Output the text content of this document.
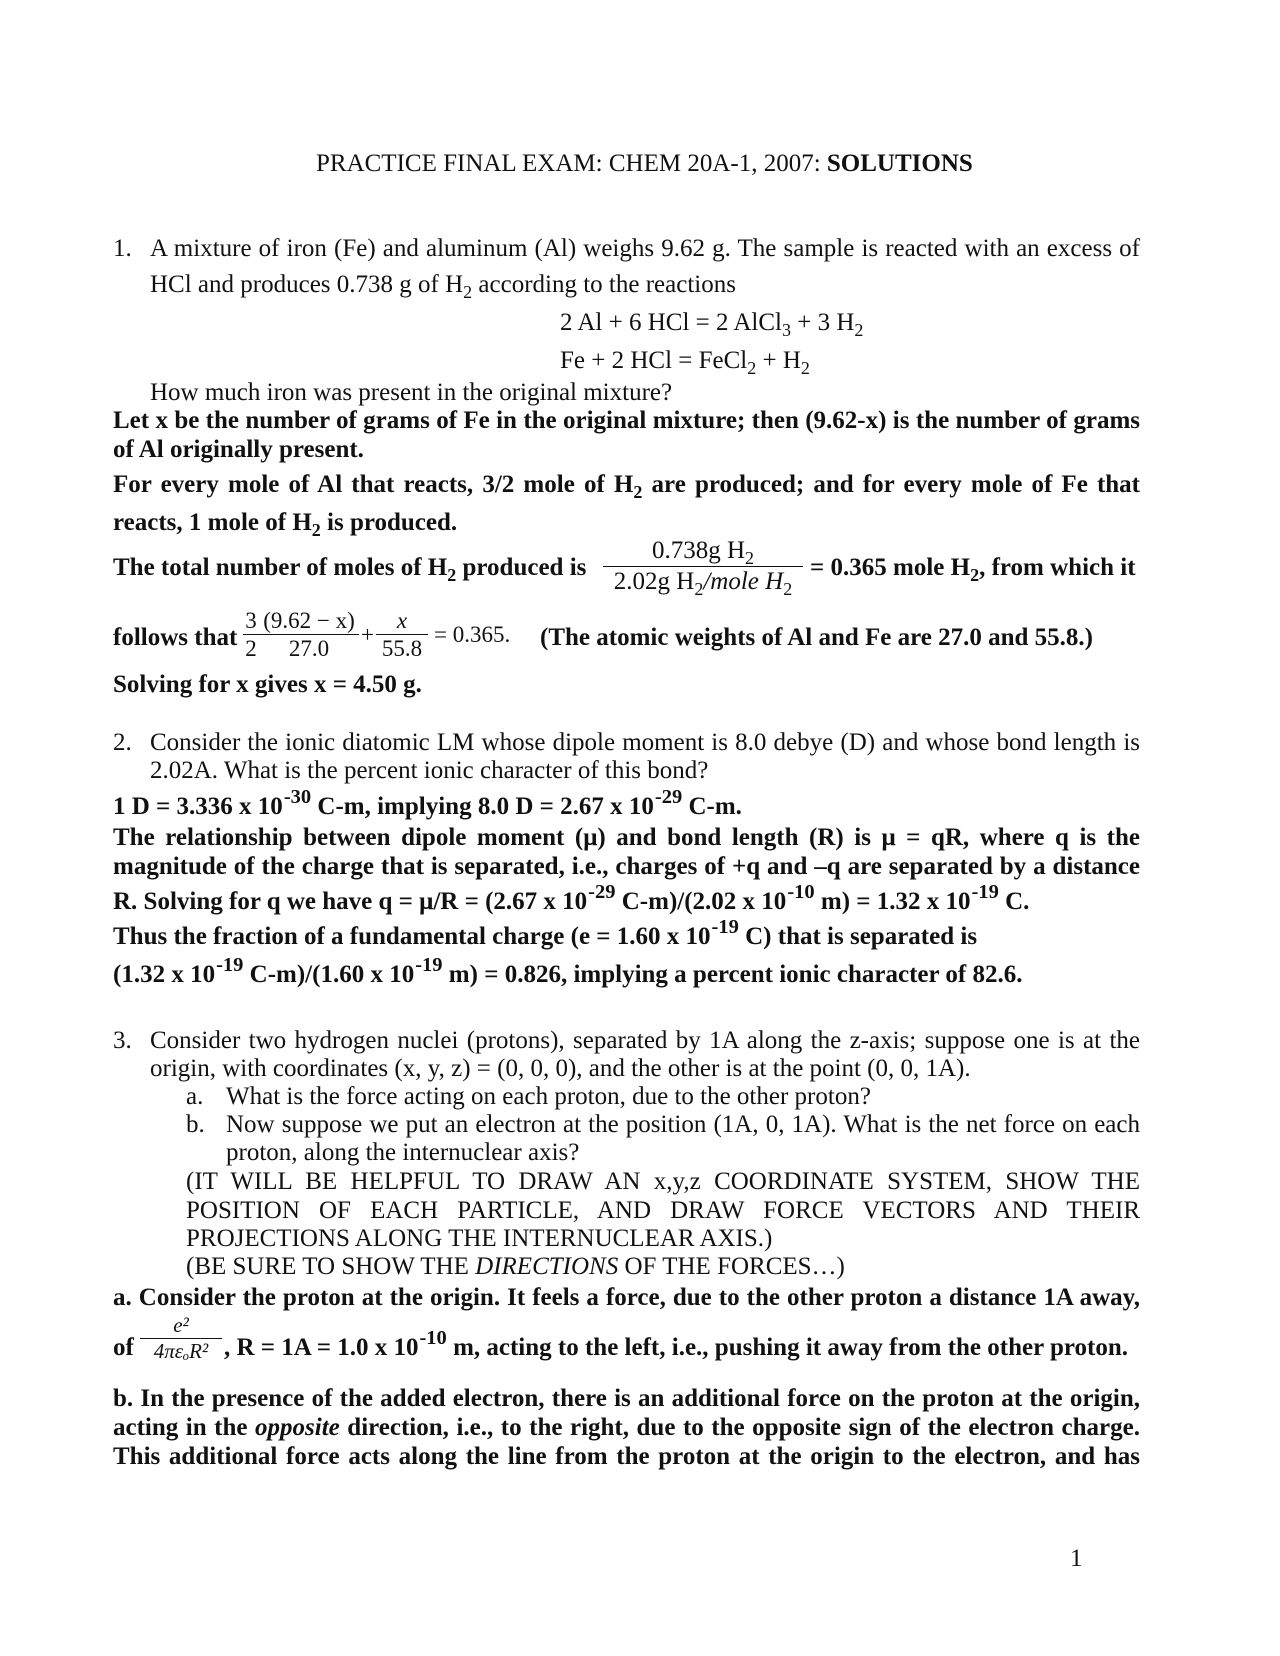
PRACTICE FINAL EXAM: CHEM 20A-1, 2007: SOLUTIONS
1. A mixture of iron (Fe) and aluminum (Al) weighs 9.62 g. The sample is reacted with an excess of
HCl and produces 0.738 g of $H_2$ according to the reactions
2 Al + 6 HCl = 2 AlCl$_3$ + 3 $H_2$
Fe + 2 HCl = FeCl$_2$ + $H_2$
How much iron was present in the original mixture?
Let x be the number of grams of Fe in the original mixture; then (9.62-x) is the number of grams
of Al originally present.
For every mole of Al that reacts, 3/2 mole of $H_2$ are produced; and for every mole of Fe that
reacts, 1 mole of $H_2$ is produced.
The total number of moles of $H_2$ produced is
0.738g $H_2$
2.02g $H_2$/mole $H_2$
= 0.365 mole $H_2$, from which it
follows that $\frac{3}{2} \frac{(9.62 - x)}{27.0} + \frac{x}{55.8} = 0.365$. (The atomic weights of Al and Fe are 27.0 and 55.8.)
Solving for x gives x = 4.50 g.
2. Consider the ionic diatomic LM whose dipole moment is 8.0 debye (D) and whose bond length is
2.02A. What is the percent ionic character of this bond?
1 D = 3.336 x $10^{-30}$ C-m, implying 8.0 D = 2.67 x $10^{-29}$ C-m.
The relationship between dipole moment (μ) and bond length (R) is μ = qR, where q is the
magnitude of the charge that is separated, i.e., charges of +q and –q are separated by a distance
R. Solving for q we have q = μ/R = (2.67 x $10^{-29}$ C-m)/(2.02 x $10^{-10}$ m) = 1.32 x $10^{-19}$ C.
Thus the fraction of a fundamental charge (e = 1.60 x $10^{-19}$ C) that is separated is
(1.32 x $10^{-19}$ C-m)/(1.60 x $10^{-19}$ m) = 0.826, implying a percent ionic character of 82.6.
3. Consider two hydrogen nuclei (protons), separated by 1A along the z-axis; suppose one is at the
origin, with coordinates (x, y, z) = (0, 0, 0), and the other is at the point (0, 0, 1A).
a. What is the force acting on each proton, due to the other proton?
b. Now suppose we put an electron at the position (1A, 0, 1A). What is the net force on each
proton, along the internuclear axis?
(IT WILL BE HELPFUL TO DRAW AN x,y,z COORDINATE SYSTEM, SHOW THE
POSITION OF EACH PARTICLE, AND DRAW FORCE VECTORS AND THEIR
PROJECTIONS ALONG THE INTERNUCLEAR AXIS.)
(BE SURE TO SHOW THE DIRECTIONS OF THE FORCES…)
a. Consider the proton at the origin. It feels a force, due to the other proton a distance 1A away,
of
e²
4πεₒR² , R = 1A = 1.0 x $10^{-10}$ m, acting to the left, i.e., pushing it away from the other proton.
b. In the presence of the added electron, there is an additional force on the proton at the origin,
acting in the opposite direction, i.e., to the right, due to the opposite sign of the electron charge.
This additional force acts along the line from the proton at the origin to the electron, and has
1
